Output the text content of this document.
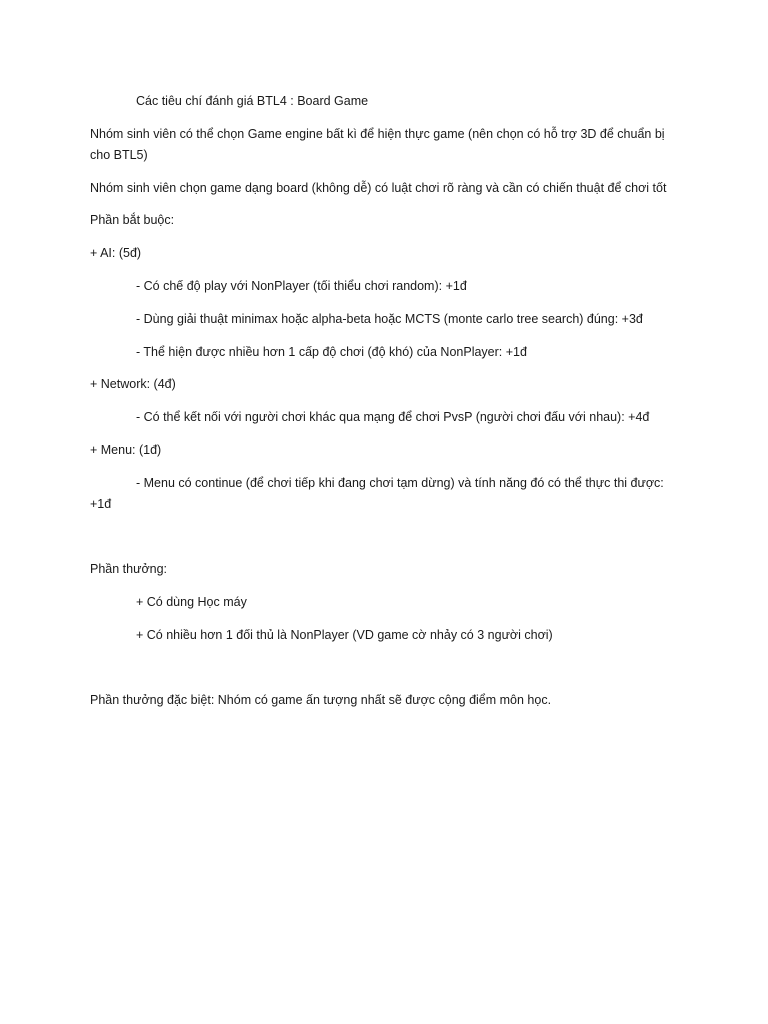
Các tiêu chí đánh giá BTL4 : Board Game
Nhóm sinh viên có thể chọn Game engine bất kì để hiện thực game (nên chọn có hỗ trợ 3D để chuẩn bị cho BTL5)
Nhóm sinh viên chọn game dạng board (không dễ) có luật chơi rõ ràng và cần có chiến thuật để chơi tốt
Phần bắt buộc:
+ AI: (5đ)
- Có chế độ play với NonPlayer (tối thiểu chơi random): +1đ
- Dùng giải thuật minimax hoặc alpha-beta hoặc MCTS (monte carlo tree search) đúng: +3đ
- Thể hiện được nhiều hơn 1 cấp độ chơi (độ khó) của NonPlayer: +1đ
+ Network: (4đ)
- Có thể kết nối với người chơi khác qua mạng để chơi PvsP (người chơi đấu với nhau): +4đ
+ Menu: (1đ)
- Menu có continue (để chơi tiếp khi đang chơi tạm dừng) và tính năng đó có thể thực thi được:
+1đ
Phần thưởng:
+ Có dùng Học máy
+ Có nhiều hơn 1 đối thủ là NonPlayer (VD game cờ nhảy có 3 người chơi)
Phần thưởng đặc biệt: Nhóm có game ấn tượng nhất sẽ được cộng điểm môn học.
